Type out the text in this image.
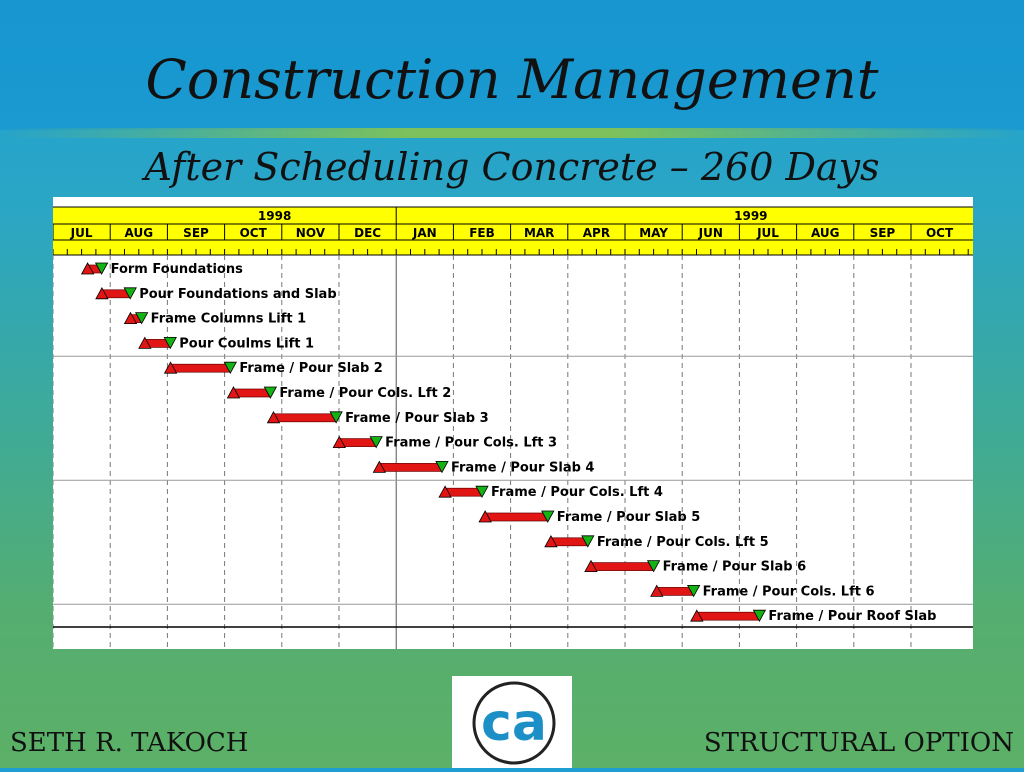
Construction Management
After Scheduling Concrete – 260 Days
1998	1999
JUL	AUG	SEP	OCT NOV DEC	JAN	FEB MAR APR MAY	JUN	JUL	AUG	SEP	OCT
Form Foundations
Pour Foundations and Slab
Frame Columns Lift 1
Pour Coulms Lift 1
Frame / Pour Slab 2
Frame / Pour Cols. Lft 2
Frame / Pour Slab 3
Frame / Pour Cols. Lft 3
Frame / Pour Slab 4
Frame / Pour Cols. Lft 4
Frame / Pour Slab 5
Frame / Pour Cols. Lft 5
Frame / Pour Slab 6
Frame / Pour Cols. Lft 6
Frame / Pour Roof Slab
ca
SETH R. TAKOCH	STRUCTURAL OPTION
